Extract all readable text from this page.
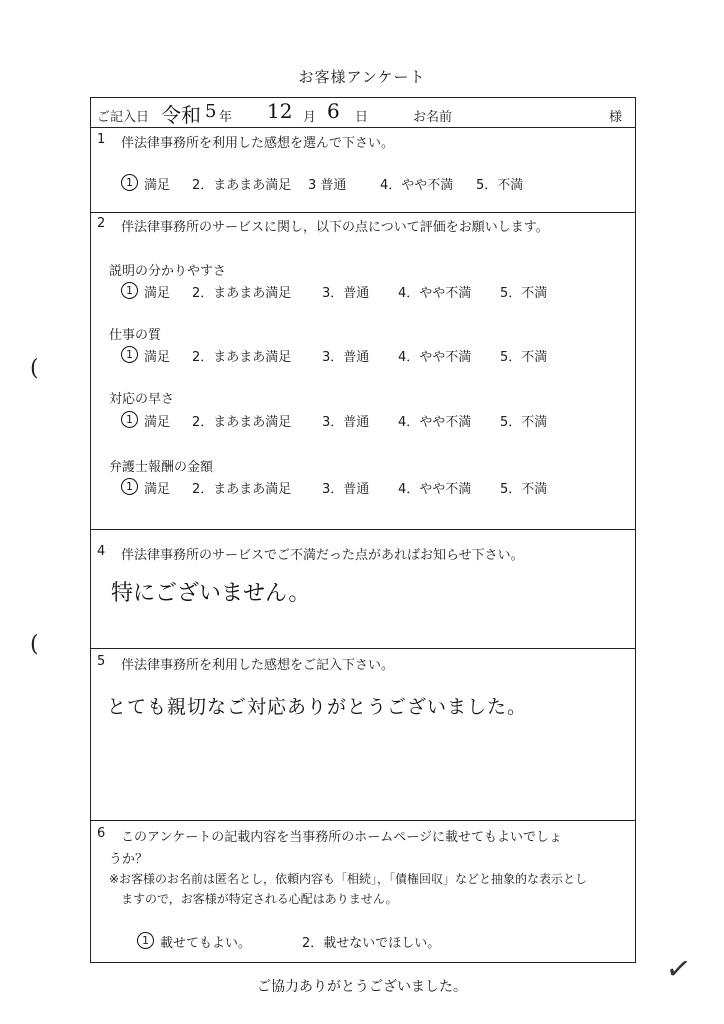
お客様アンケート
ご記入日 令和 5 年 12 月 6 日	お名前	様
1 伴法律事務所を利用した感想を選んで下さい。
1 満足	2．まあまあ満足	3 普通	4．やや不満	5．不満
2 伴法律事務所のサービスに関し，以下の点について評価をお願いします。
説明の分かりやすさ
1 満足	2．まあまあ満足	3．普通	4．やや不満	5．不満
仕事の質
1 満足	2．まあまあ満足	3．普通	4．やや不満	5．不満
対応の早さ
1 満足	2．まあまあ満足	3．普通	4．やや不満	5．不満
弁護士報酬の金額
1 満足	2．まあまあ満足	3．普通	4．やや不満	5．不満
4 伴法律事務所のサービスでご不満だった点があればお知らせ下さい。
特にございません。
5 伴法律事務所を利用した感想をご記入下さい。
とても親切なご対応ありがとうございました。
6 このアンケートの記載内容を当事務所のホームページに載せてもよいでしょ
うか？
※お客様のお名前は匿名とし，依頼内容も「相続」，「債権回収」などと抽象的な表示とし
ますので，お客様が特定される心配はありません。
1 載せてもよい。	2．載せないでほしい。
ご協力ありがとうございました。
(
(
✓
